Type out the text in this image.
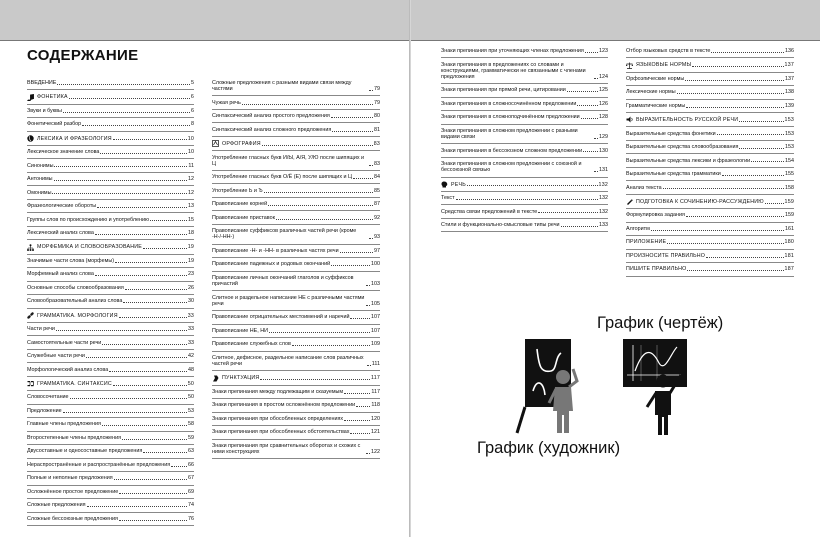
СОДЕРЖАНИЕ
ВВЕДЕНИЕ	5
ФОНЕТИКА	6
Звуки и буквы	6
Фонетический разбор	8
ЛЕКСИКА И ФРАЗЕОЛОГИЯ	10
Лексическое значение слова	10
Синонимы	11
Антонимы	12
Омонимы	12
Фразеологические обороты	13
Группы слов по происхождению и употреблению	15
Лексический анализ слова	18
МОРФЕМИКА И СЛОВООБРАЗОВАНИЕ	19
Значимые части слова (морфемы)	19
Морфемный анализ слова	23
Основные способы словообразования	26
Словообразовательный анализ слова	30
ГРАММАТИКА. МОРФОЛОГИЯ	33
Части речи	33
Самостоятельные части речи	33
Служебные части речи	42
Морфологический анализ слова	48
ГРАММАТИКА. СИНТАКСИС	50
Словосочетание	50
Предложение	53
Главные члены предложения	58
Второстепенные члены предложения	59
Двусоставные и односоставные предложения	63
Нераспространённые и распространённые предложения	66
Полные и неполные предложения	67
Осложнённое простое предложение	69
Сложные предложения	74
Сложные бессоюзные предложения	76
Сложные предложения с разными видами связи между частями	79
Чужая речь	79
Синтаксический анализ простого предложения	80
Синтаксический анализ сложного предложения	81
ОРФОГРАФИЯ	83
Употребление гласных букв И/Ы, А/Я, У/Ю после шипящих и Ц	83
Употребление гласных букв О/Ё (Е) после шипящих и Ц	84
Употребление Ь и Ъ	85
Правописание корней	87
Правописание приставок	92
Правописание суффиксов различных частей речи (кроме -Н-/-НН-)	93
Правописание -Н- и -НН- в различных частях речи	97
Правописание падежных и родовых окончаний	100
Правописание личных окончаний глаголов и суффиксов причастий	103
Слитное и раздельное написание НЕ с различными частями речи	105
Правописание отрицательных местоимений и наречий	107
Правописание НЕ, НИ	107
Правописание служебных слов	109
Слитное, дефисное, раздельное написание слов различных частей речи	111
ПУНКТУАЦИЯ	117
Знаки препинания между подлежащим и сказуемым	117
Знаки препинания в простом осложнённом предложении	118
Знаки препинания при обособленных определениях	120
Знаки препинания при обособленных обстоятельствах	121
Знаки препинания при сравнительных оборотах и схожих с ними конструкциях	122
Знаки препинания при уточняющих членах предложения	123
Знаки препинания в предложениях со словами и конструкциями, грамматически не связанными с членами предложения	124
Знаки препинания при прямой речи, цитировании	125
Знаки препинания в сложносочинённом предложении	126
Знаки препинания в сложноподчинённом предложении	128
Знаки препинания в сложном предложении с разными видами связи	129
Знаки препинания в бессоюзном сложном предложении	130
Знаки препинания в сложном предложении с союзной и бессоюзной связью	131
РЕЧЬ	132
Текст	132
Средства связи предложений в тексте	132
Стили и функционально-смысловые типы речи	133
Отбор языковых средств в тексте	136
ЯЗЫКОВЫЕ НОРМЫ	137
Орфоэпические нормы	137
Лексические нормы	138
Грамматические нормы	139
ВЫРАЗИТЕЛЬНОСТЬ РУССКОЙ РЕЧИ	153
Выразительные средства фонетики	153
Выразительные средства словообразования	153
Выразительные средства лексики и фразеологии	154
Выразительные средства грамматики	155
Анализ текста	158
ПОДГОТОВКА К СОЧИНЕНИЮ-РАССУЖДЕНИЮ	159
Формулировка задания	159
Алгоритм	161
ПРИЛОЖЕНИЕ	180
ПРОИЗНОСИТЕ ПРАВИЛЬНО	181
ПИШИТЕ ПРАВИЛЬНО	187
График (чертёж)
График (художник)
